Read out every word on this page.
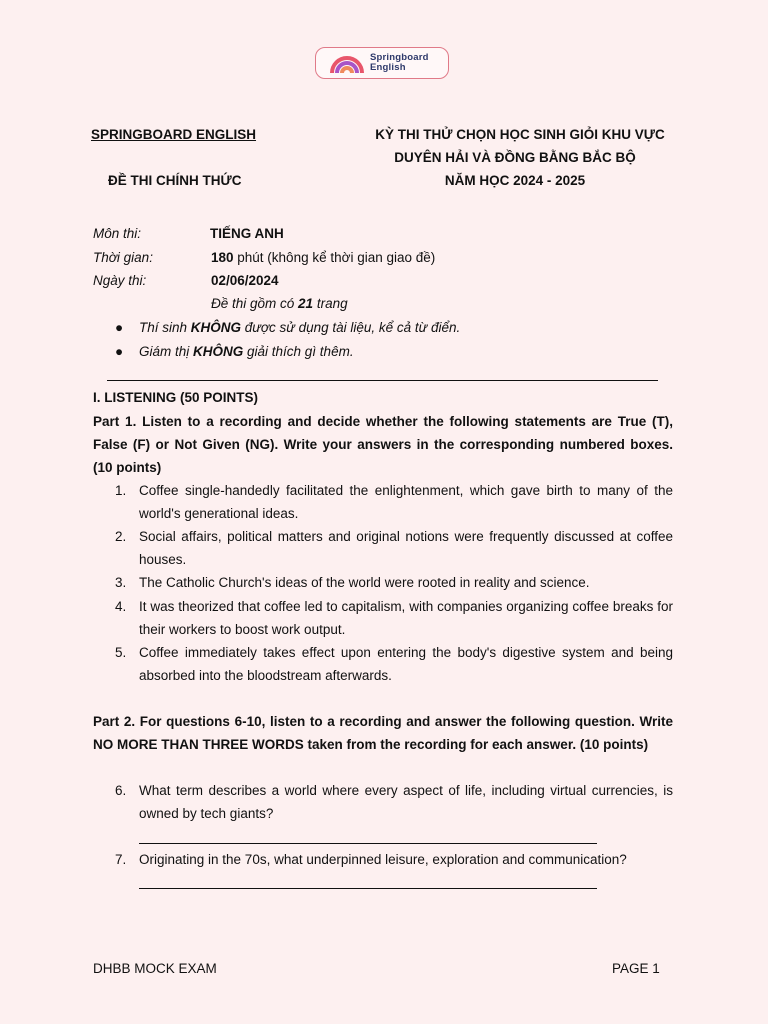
Springboard
English
SPRINGBOARD ENGLISH
ĐỀ THI CHÍNH THỨC
KỲ THI THỬ CHỌN HỌC SINH GIỎI KHU VỰC
DUYÊN HẢI VÀ ĐỒNG BẰNG BẮC BỘ
NĂM HỌC 2024 - 2025
Môn thi:	TIẾNG ANH
Thời gian:	180 phút (không kể thời gian giao đề)
Ngày thi:	02/06/2024
Đề thi gồm có 21 trang
● Thí sinh KHÔNG được sử dụng tài liệu, kể cả từ điển.
● Giám thị KHÔNG giải thích gì thêm.
I. LISTENING (50 POINTS)
Part 1. Listen to a recording and decide whether the following statements are True (T), False (F) or Not Given (NG). Write your answers in the corresponding numbered boxes. (10 points)
1. Coffee single-handedly facilitated the enlightenment, which gave birth to many of the world's generational ideas.
2. Social affairs, political matters and original notions were frequently discussed at coffee houses.
3. The Catholic Church's ideas of the world were rooted in reality and science.
4. It was theorized that coffee led to capitalism, with companies organizing coffee breaks for their workers to boost work output.
5. Coffee immediately takes effect upon entering the body's digestive system and being absorbed into the bloodstream afterwards.
Part 2. For questions 6-10, listen to a recording and answer the following question. Write NO MORE THAN THREE WORDS taken from the recording for each answer. (10 points)
6. What term describes a world where every aspect of life, including virtual currencies, is owned by tech giants?
7. Originating in the 70s, what underpinned leisure, exploration and communication?
DHBB MOCK EXAM	PAGE 1
